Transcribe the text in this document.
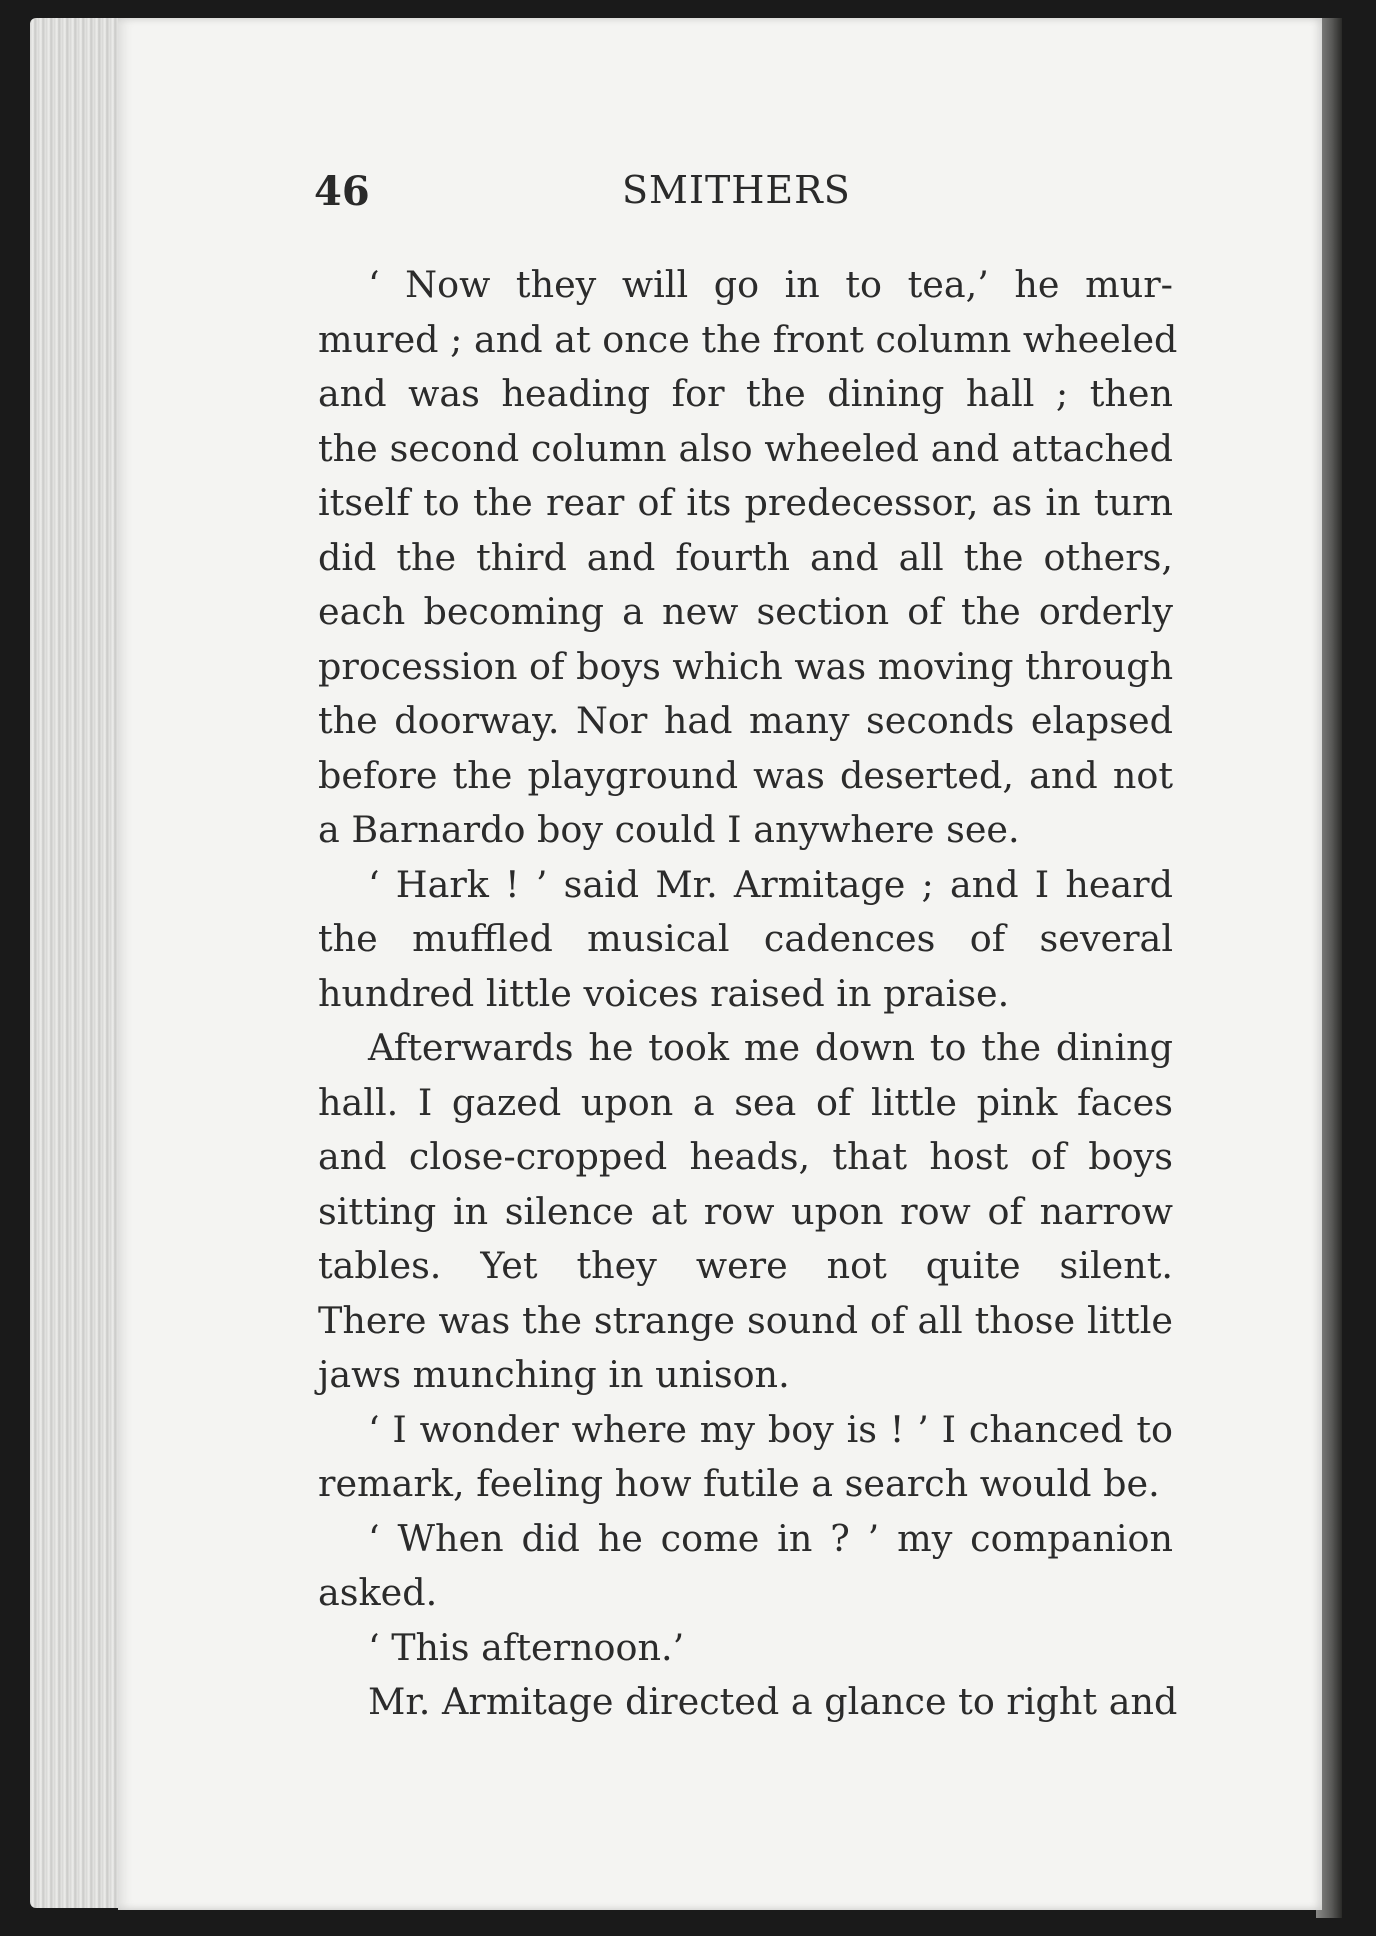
46	SMITHERS
‘ Now they will go in to tea,’ he mur-
mured ; and at once the front column wheeled
and was heading for the dining hall ; then
the second column also wheeled and attached
itself to the rear of its predecessor, as in turn
did the third and fourth and all the others,
each becoming a new section of the orderly
procession of boys which was moving through
the doorway. Nor had many seconds elapsed
before the playground was deserted, and not
a Barnardo boy could I anywhere see.
‘ Hark ! ’ said Mr. Armitage ; and I heard
the muffled musical cadences of several
hundred little voices raised in praise.
Afterwards he took me down to the dining
hall. I gazed upon a sea of little pink faces
and close-cropped heads, that host of boys
sitting in silence at row upon row of narrow
tables. Yet they were not quite silent.
There was the strange sound of all those little
jaws munching in unison.
‘ I wonder where my boy is ! ’ I chanced to
remark, feeling how futile a search would be.
‘ When did he come in ? ’ my companion
asked.
‘ This afternoon.’
Mr. Armitage directed a glance to right and
